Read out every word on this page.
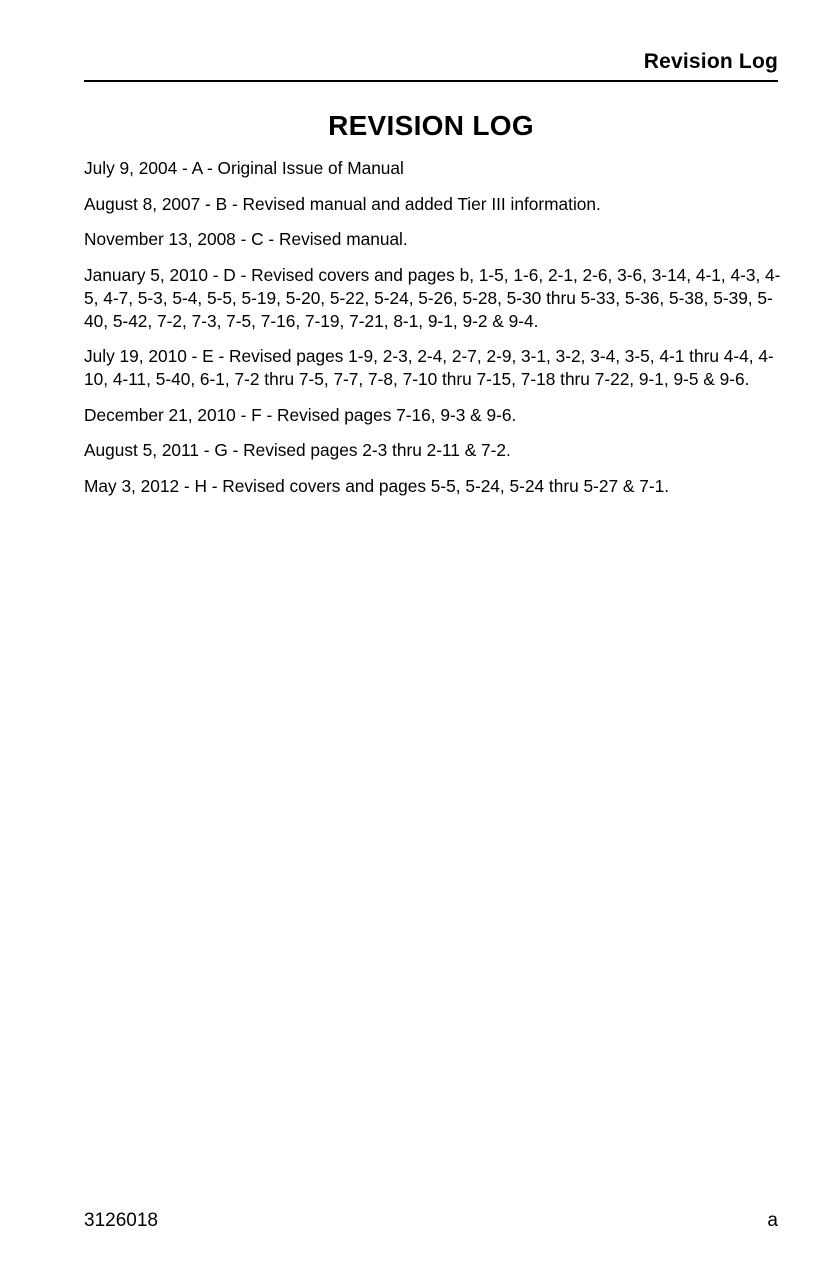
Revision Log
REVISION LOG
July 9, 2004 - A - Original Issue of Manual
August 8, 2007 - B - Revised manual and added Tier III information.
November 13, 2008 - C - Revised manual.
January 5, 2010 - D - Revised covers and pages b, 1-5, 1-6, 2-1, 2-6, 3-6, 3-14, 4-1, 4-3, 4-5, 4-7, 5-3, 5-4, 5-5, 5-19, 5-20, 5-22, 5-24, 5-26, 5-28, 5-30 thru 5-33, 5-36, 5-38, 5-39, 5-40, 5-42, 7-2, 7-3, 7-5, 7-16, 7-19, 7-21, 8-1, 9-1, 9-2 & 9-4.
July 19, 2010 - E - Revised pages 1-9, 2-3, 2-4, 2-7, 2-9, 3-1, 3-2, 3-4, 3-5, 4-1 thru 4-4, 4-10, 4-11, 5-40, 6-1, 7-2 thru 7-5, 7-7, 7-8, 7-10 thru 7-15, 7-18 thru 7-22, 9-1, 9-5 & 9-6.
December 21, 2010 - F - Revised pages 7-16, 9-3 & 9-6.
August 5, 2011 - G - Revised pages 2-3 thru 2-11 & 7-2.
May 3, 2012 - H - Revised covers and pages 5-5, 5-24, 5-24 thru 5-27 & 7-1.
3126018	a
